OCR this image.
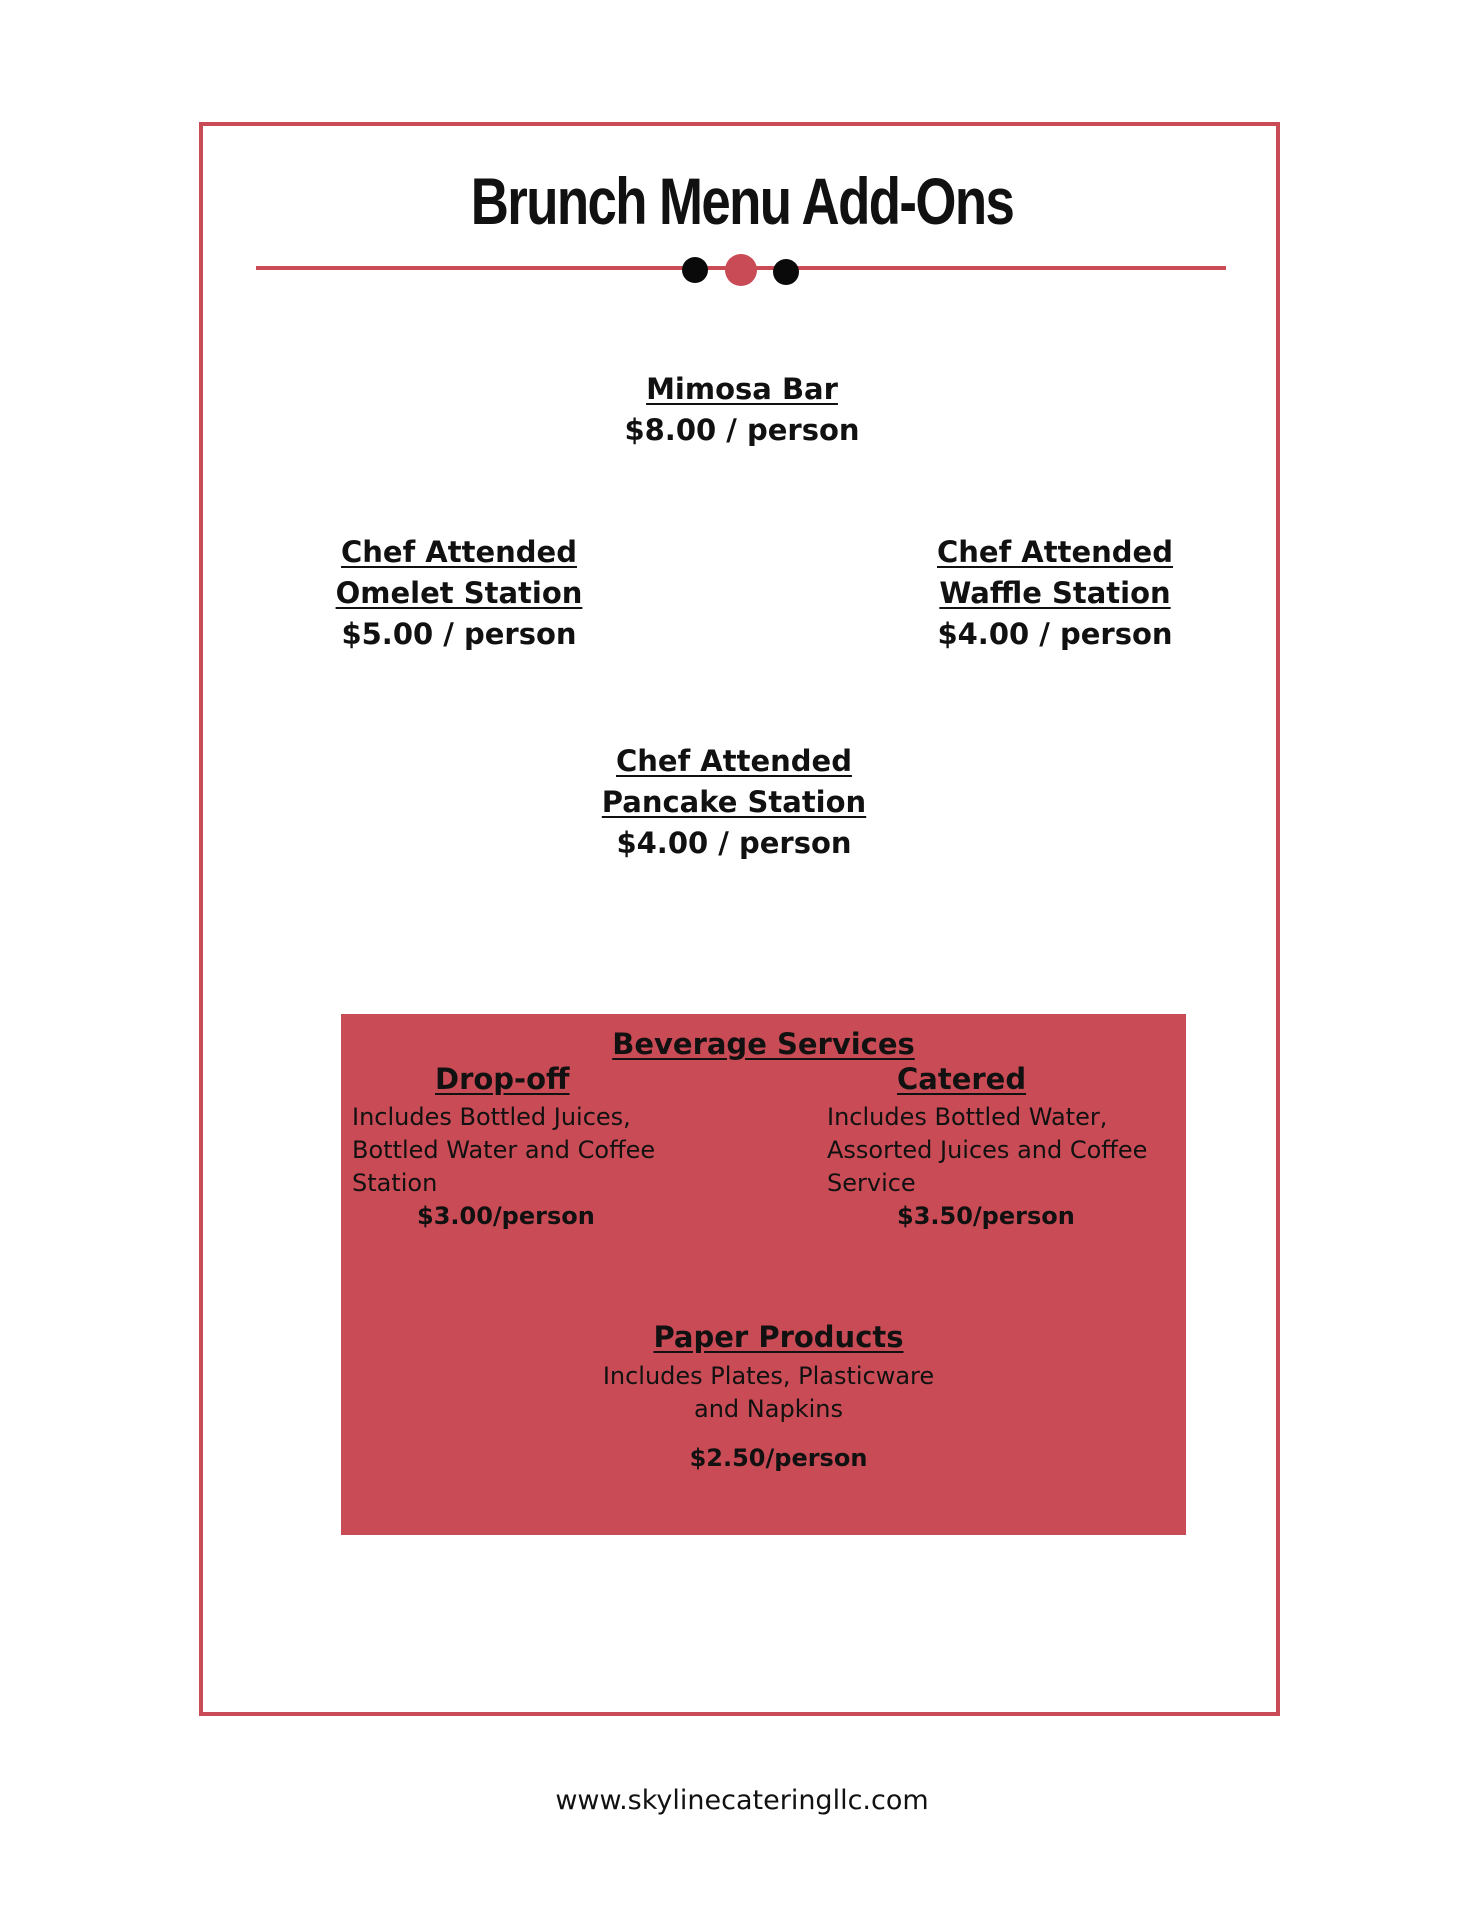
Brunch Menu Add-Ons
Mimosa Bar
$8.00 / person
Chef Attended
Omelet Station
$5.00 / person
Chef Attended
Waffle Station
$4.00 / person
Chef Attended
Pancake Station
$4.00 / person
Beverage Services
Drop-off
Includes Bottled Juices,
Bottled Water and Coffee
Station
$3.00/person
Catered
Includes Bottled Water,
Assorted Juices and Coffee
Service
$3.50/person
Paper Products
Includes Plates, Plasticware
and Napkins
$2.50/person
www.skylinecateringllc.com
